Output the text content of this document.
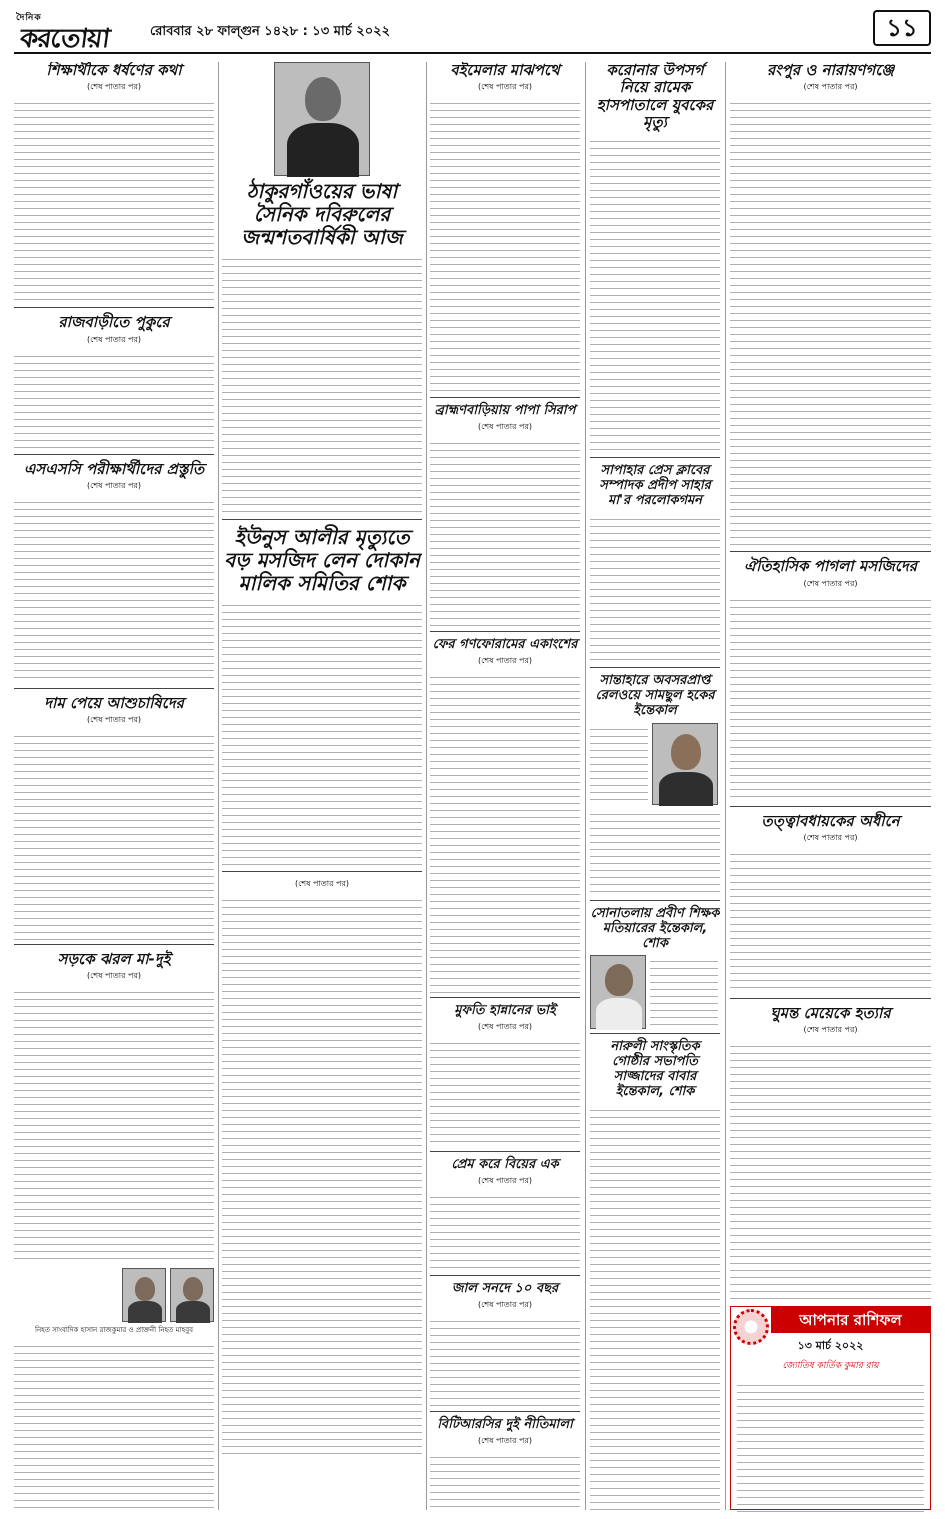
দৈনিক
করতোয়া	রোববার ২৮ ফাল্গুন ১৪২৮ : ১৩ মার্চ ২০২২	১১
শিক্ষার্থীকে ধর্ষণের কথা
(শেষ পাতার পর)
রাজবাড়ীতে পুকুরে
(শেষ পাতার পর)
এসএসসি পরীক্ষার্থীদের প্রস্তুতি
(শেষ পাতার পর)
দাম পেয়ে আশুচাষিদের
(শেষ পাতার পর)
সড়কে ঝরল মা-দুই
(শেষ পাতার পর)
নিহত সাংবাদিক হাসান রাজকুমার ও প্রাক্তনী নিহত মাহবুব
ঠাকুরগাঁওয়ের ভাষা সৈনিক দবিরুলের জন্মশতবার্ষিকী আজ
ইউনুস আলীর মৃত্যুতে বড় মসজিদ লেন দোকান মালিক সমিতির শোক
(শেষ পাতার পর)
বইমেলার মাঝপথে
(শেষ পাতার পর)
ব্রাহ্মণবাড়িয়ায় পাপা সিরাপ
(শেষ পাতার পর)
ফের গণফোরামের একাংশের
(শেষ পাতার পর)
মুফতি হান্নানের ভাই
(শেষ পাতার পর)
প্রেম করে বিয়ের এক
(শেষ পাতার পর)
জাল সনদে ১০ বছর
(শেষ পাতার পর)
বিটিআরসির দুই নীতিমালা
(শেষ পাতার পর)
করোনার উপসর্গ নিয়ে রামেক হাসপাতালে যুবকের মৃত্যু
সাপাহার প্রেস ক্লাবের সম্পাদক প্রদীপ সাহার মা'র পরলোকগমন
সান্তাহারে অবসরপ্রাপ্ত রেলওয়ে সামছুল হকের ইন্তেকাল
সোনাতলায় প্রবীণ শিক্ষক মতিয়ারের ইন্তেকাল, শোক
নারুলী সাংস্কৃতিক গোষ্ঠীর সভাপতি সাজ্জাদের বাবার ইন্তেকাল, শোক
রংপুর ও নারায়ণগঞ্জে
(শেষ পাতার পর)
ঐতিহাসিক পাগলা মসজিদের
(শেষ পাতার পর)
তত্ত্বাবধায়কের অধীনে
(শেষ পাতার পর)
ঘুমন্ত মেয়েকে হত্যার
(শেষ পাতার পর)
আপনার রাশিফল
১৩ মার্চ ২০২২
জ্যোতিষ কার্তিক কুমার রায়
